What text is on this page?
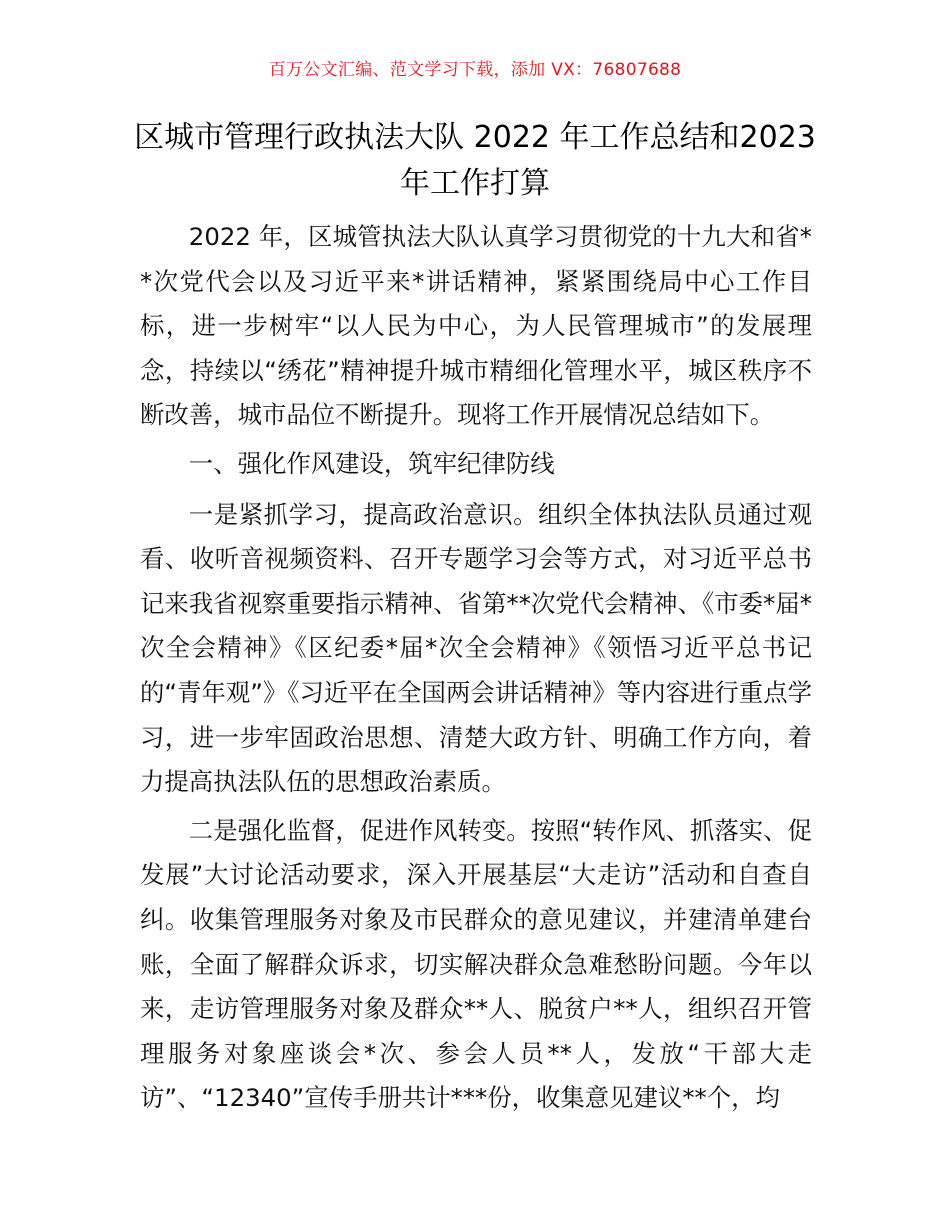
百万公文汇编、范文学习下载，添加 VX：76807688
区城市管理行政执法大队 2022 年工作总结和2023 年工作打算

2022 年，区城管执法大队认真学习贯彻党的十九大和省**次党代会以及习近平来*讲话精神，紧紧围绕局中心工作目标，进一步树牢“以人民为中心，为人民管理城市”的发展理念，持续以“绣花”精神提升城市精细化管理水平，城区秩序不断改善，城市品位不断提升。现将工作开展情况总结如下。

一、强化作风建设，筑牢纪律防线

一是紧抓学习，提高政治意识。组织全体执法队员通过观看、收听音视频资料、召开专题学习会等方式，对习近平总书记来我省视察重要指示精神、省第**次党代会精神、《市委*届*次全会精神》《区纪委*届*次全会精神》《领悟习近平总书记的“青年观”》《习近平在全国两会讲话精神》等内容进行重点学习，进一步牢固政治思想、清楚大政方针、明确工作方向，着力提高执法队伍的思想政治素质。

二是强化监督，促进作风转变。按照“转作风、抓落实、促发展”大讨论活动要求，深入开展基层“大走访”活动和自查自纠。收集管理服务对象及市民群众的意见建议，并建清单建台账，全面了解群众诉求，切实解决群众急难愁盼问题。今年以来，走访管理服务对象及群众**人、脱贫户**人，组织召开管理服务对象座谈会*次、参会人员**人，发放“干部大走访”、“12340”宣传手册共计***份，收集意见建议**个，均
